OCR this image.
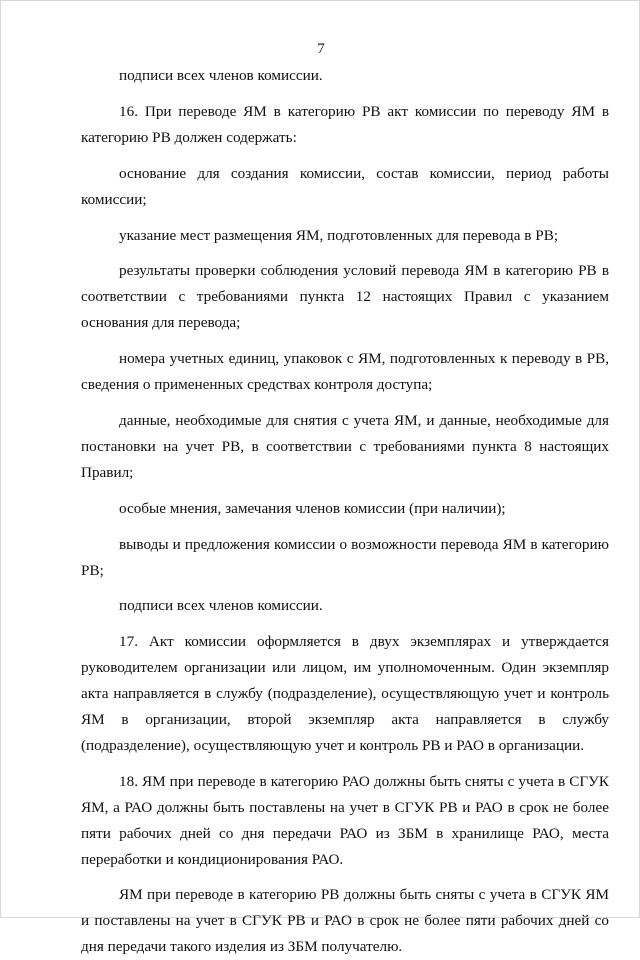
7

подписи всех членов комиссии.

16. При переводе ЯМ в категорию РВ акт комиссии по переводу ЯМ в категорию РВ должен содержать:

основание для создания комиссии, состав комиссии, период работы комиссии;

указание мест размещения ЯМ, подготовленных для перевода в РВ;

результаты проверки соблюдения условий перевода ЯМ в категорию РВ в соответствии с требованиями пункта 12 настоящих Правил с указанием основания для перевода;

номера учетных единиц, упаковок с ЯМ, подготовленных к переводу в РВ, сведения о примененных средствах контроля доступа;

данные, необходимые для снятия с учета ЯМ, и данные, необходимые для постановки на учет РВ, в соответствии с требованиями пункта 8 настоящих Правил;

особые мнения, замечания членов комиссии (при наличии);

выводы и предложения комиссии о возможности перевода ЯМ в категорию РВ;

подписи всех членов комиссии.

17. Акт комиссии оформляется в двух экземплярах и утверждается руководителем организации или лицом, им уполномоченным. Один экземпляр акта направляется в службу (подразделение), осуществляющую учет и контроль ЯМ в организации, второй экземпляр акта направляется в службу (подразделение), осуществляющую учет и контроль РВ и РАО в организации.

18. ЯМ при переводе в категорию РАО должны быть сняты с учета в СГУК ЯМ, а РАО должны быть поставлены на учет в СГУК РВ и РАО в срок не более пяти рабочих дней со дня передачи РАО из ЗБМ в хранилище РАО, места переработки и кондиционирования РАО.

ЯМ при переводе в категорию РВ должны быть сняты с учета в СГУК ЯМ и поставлены на учет в СГУК РВ и РАО в срок не более пяти рабочих дней со дня передачи такого изделия из ЗБМ получателю.
